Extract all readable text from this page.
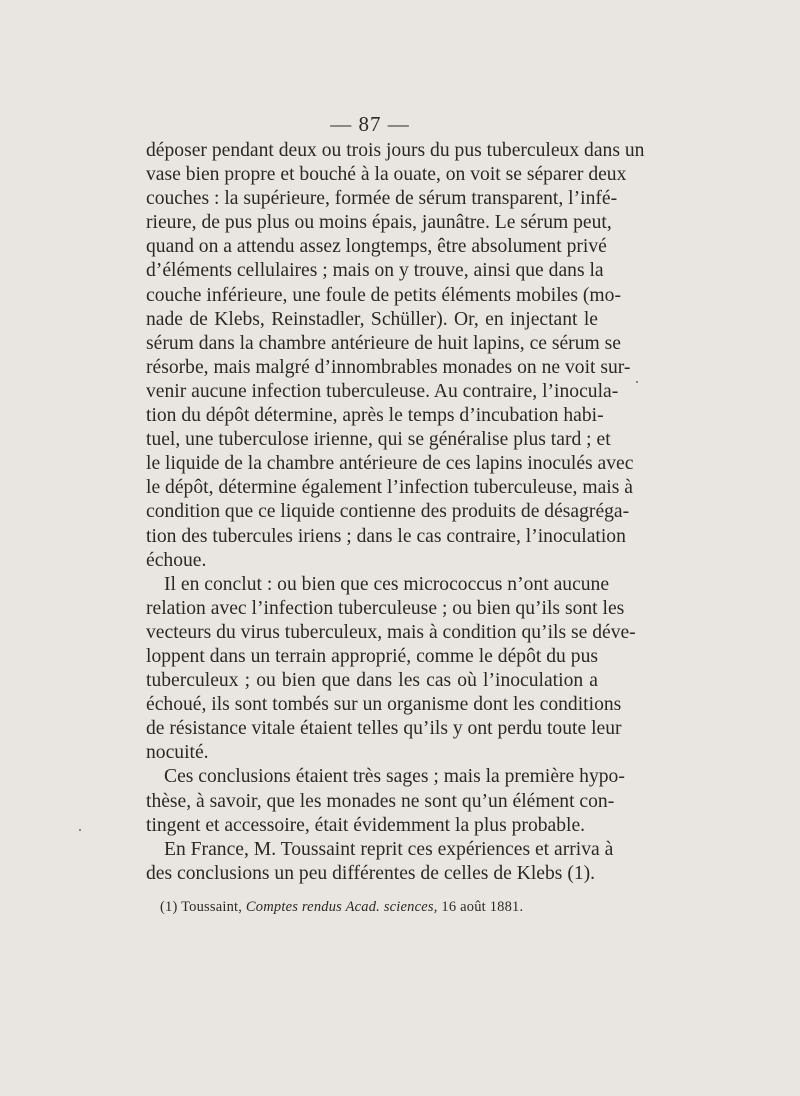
— 87 —
déposer pendant deux ou trois jours du pus tuberculeux dans un
vase bien propre et bouché à la ouate, on voit se séparer deux
couches : la supérieure, formée de sérum transparent, l’infé-
rieure, de pus plus ou moins épais, jaunâtre. Le sérum peut,
quand on a attendu assez longtemps, être absolument privé
d’éléments cellulaires ; mais on y trouve, ainsi que dans la
couche inférieure, une foule de petits éléments mobiles (mo-
nade de Klebs, Reinstadler, Schüller). Or, en injectant le
sérum dans la chambre antérieure de huit lapins, ce sérum se
résorbe, mais malgré d’innombrables monades on ne voit sur-
venir aucune infection tuberculeuse. Au contraire, l’inocula-
tion du dépôt détermine, après le temps d’incubation habi-
tuel, une tuberculose irienne, qui se généralise plus tard ; et
le liquide de la chambre antérieure de ces lapins inoculés avec
le dépôt, détermine également l’infection tuberculeuse, mais à
condition que ce liquide contienne des produits de désagréga-
tion des tubercules iriens ; dans le cas contraire, l’inoculation
échoue.
Il en conclut : ou bien que ces micrococcus n’ont aucune
relation avec l’infection tuberculeuse ; ou bien qu’ils sont les
vecteurs du virus tuberculeux, mais à condition qu’ils se déve-
loppent dans un terrain approprié, comme le dépôt du pus
tuberculeux ; ou bien que dans les cas où l’inoculation a
échoué, ils sont tombés sur un organisme dont les conditions
de résistance vitale étaient telles qu’ils y ont perdu toute leur
nocuité.
Ces conclusions étaient très sages ; mais la première hypo-
thèse, à savoir, que les monades ne sont qu’un élément con-
tingent et accessoire, était évidemment la plus probable.
En France, M. Toussaint reprit ces expériences et arriva à
des conclusions un peu différentes de celles de Klebs (1).
(1) Toussaint, Comptes rendus Acad. sciences, 16 août 1881.
